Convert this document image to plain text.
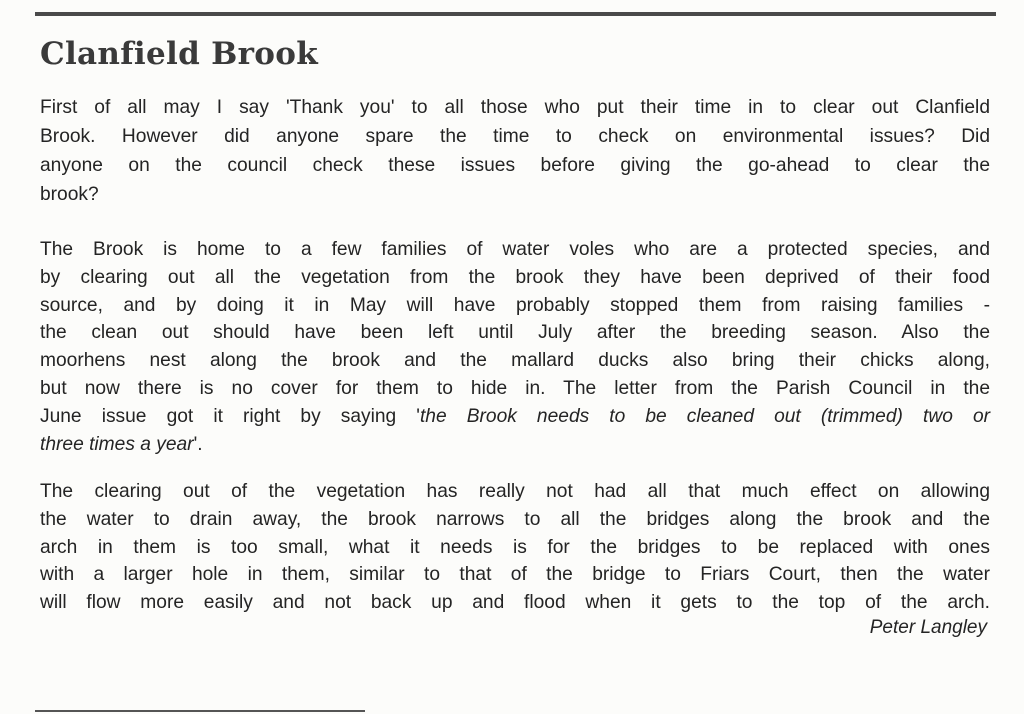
Clanfield Brook
First of all may I say 'Thank you' to all those who put their time in to clear out Clanfield
Brook. However did anyone spare the time to check on environmental issues? Did
anyone on the council check these issues before giving the go-ahead to clear the
brook?
The Brook is home to a few families of water voles who are a protected species, and
by clearing out all the vegetation from the brook they have been deprived of their food
source, and by doing it in May will have probably stopped them from raising families -
the clean out should have been left until July after the breeding season. Also the
moorhens nest along the brook and the mallard ducks also bring their chicks along,
but now there is no cover for them to hide in. The letter from the Parish Council in the
June issue got it right by saying 'the Brook needs to be cleaned out (trimmed) two or
three times a year'.
The clearing out of the vegetation has really not had all that much effect on allowing
the water to drain away, the brook narrows to all the bridges along the brook and the
arch in them is too small, what it needs is for the bridges to be replaced with ones
with a larger hole in them, similar to that of the bridge to Friars Court, then the water
will flow more easily and not back up and flood when it gets to the top of the arch.
Peter Langley
